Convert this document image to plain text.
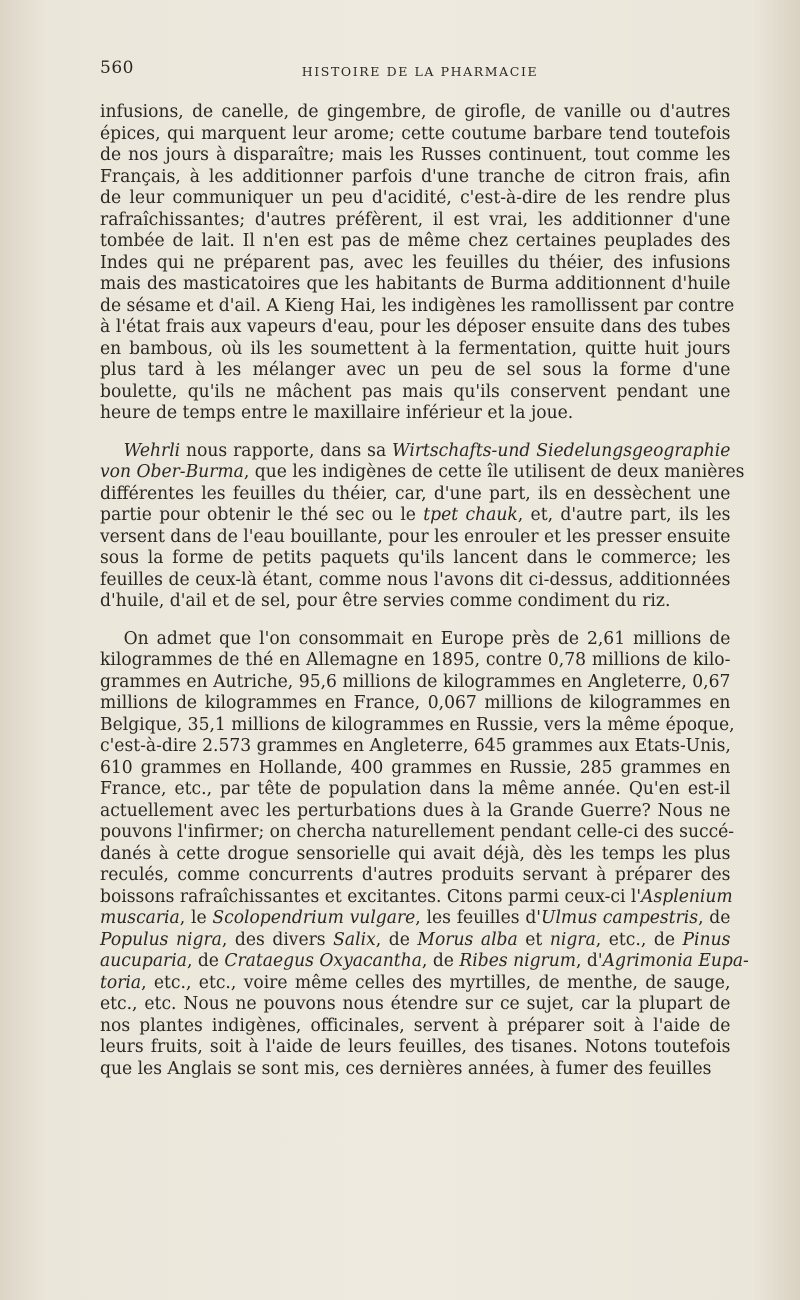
560	HISTOIRE DE LA PHARMACIE

infusions, de canelle, de gingembre, de girofle, de vanille ou d'autres
épices, qui marquent leur arome; cette coutume barbare tend toutefois
de nos jours à disparaître; mais les Russes continuent, tout comme les
Français, à les additionner parfois d'une tranche de citron frais, afin
de leur communiquer un peu d'acidité, c'est-à-dire de les rendre plus
rafraîchissantes; d'autres préfèrent, il est vrai, les additionner d'une
tombée de lait. Il n'en est pas de même chez certaines peuplades des
Indes qui ne préparent pas, avec les feuilles du théier, des infusions
mais des masticatoires que les habitants de Burma additionnent d'huile
de sésame et d'ail. A Kieng Hai, les indigènes les ramollissent par contre
à l'état frais aux vapeurs d'eau, pour les déposer ensuite dans des tubes
en bambous, où ils les soumettent à la fermentation, quitte huit jours
plus tard à les mélanger avec un peu de sel sous la forme d'une
boulette, qu'ils ne mâchent pas mais qu'ils conservent pendant une
heure de temps entre le maxillaire inférieur et la joue.

Wehrli nous rapporte, dans sa Wirtschafts-und Siedelungsgeographie
von Ober-Burma, que les indigènes de cette île utilisent de deux manières
différentes les feuilles du théier, car, d'une part, ils en dessèchent une
partie pour obtenir le thé sec ou le tpet chauk, et, d'autre part, ils les
versent dans de l'eau bouillante, pour les enrouler et les presser ensuite
sous la forme de petits paquets qu'ils lancent dans le commerce; les
feuilles de ceux-là étant, comme nous l'avons dit ci-dessus, additionnées
d'huile, d'ail et de sel, pour être servies comme condiment du riz.

On admet que l'on consommait en Europe près de 2,61 millions de
kilogrammes de thé en Allemagne en 1895, contre 0,78 millions de kilo-
grammes en Autriche, 95,6 millions de kilogrammes en Angleterre, 0,67
millions de kilogrammes en France, 0,067 millions de kilogrammes en
Belgique, 35,1 millions de kilogrammes en Russie, vers la même époque,
c'est-à-dire 2.573 grammes en Angleterre, 645 grammes aux Etats-Unis,
610 grammes en Hollande, 400 grammes en Russie, 285 grammes en
France, etc., par tête de population dans la même année. Qu'en est-il
actuellement avec les perturbations dues à la Grande Guerre? Nous ne
pouvons l'infirmer; on chercha naturellement pendant celle-ci des succé-
danés à cette drogue sensorielle qui avait déjà, dès les temps les plus
reculés, comme concurrents d'autres produits servant à préparer des
boissons rafraîchissantes et excitantes. Citons parmi ceux-ci l'Asplenium
muscaria, le Scolopendrium vulgare, les feuilles d'Ulmus campestris, de
Populus nigra, des divers Salix, de Morus alba et nigra, etc., de Pinus
aucuparia, de Crataegus Oxyacantha, de Ribes nigrum, d'Agrimonia Eupa-
toria, etc., etc., voire même celles des myrtilles, de menthe, de sauge,
etc., etc. Nous ne pouvons nous étendre sur ce sujet, car la plupart de
nos plantes indigènes, officinales, servent à préparer soit à l'aide de
leurs fruits, soit à l'aide de leurs feuilles, des tisanes. Notons toutefois
que les Anglais se sont mis, ces dernières années, à fumer des feuilles
